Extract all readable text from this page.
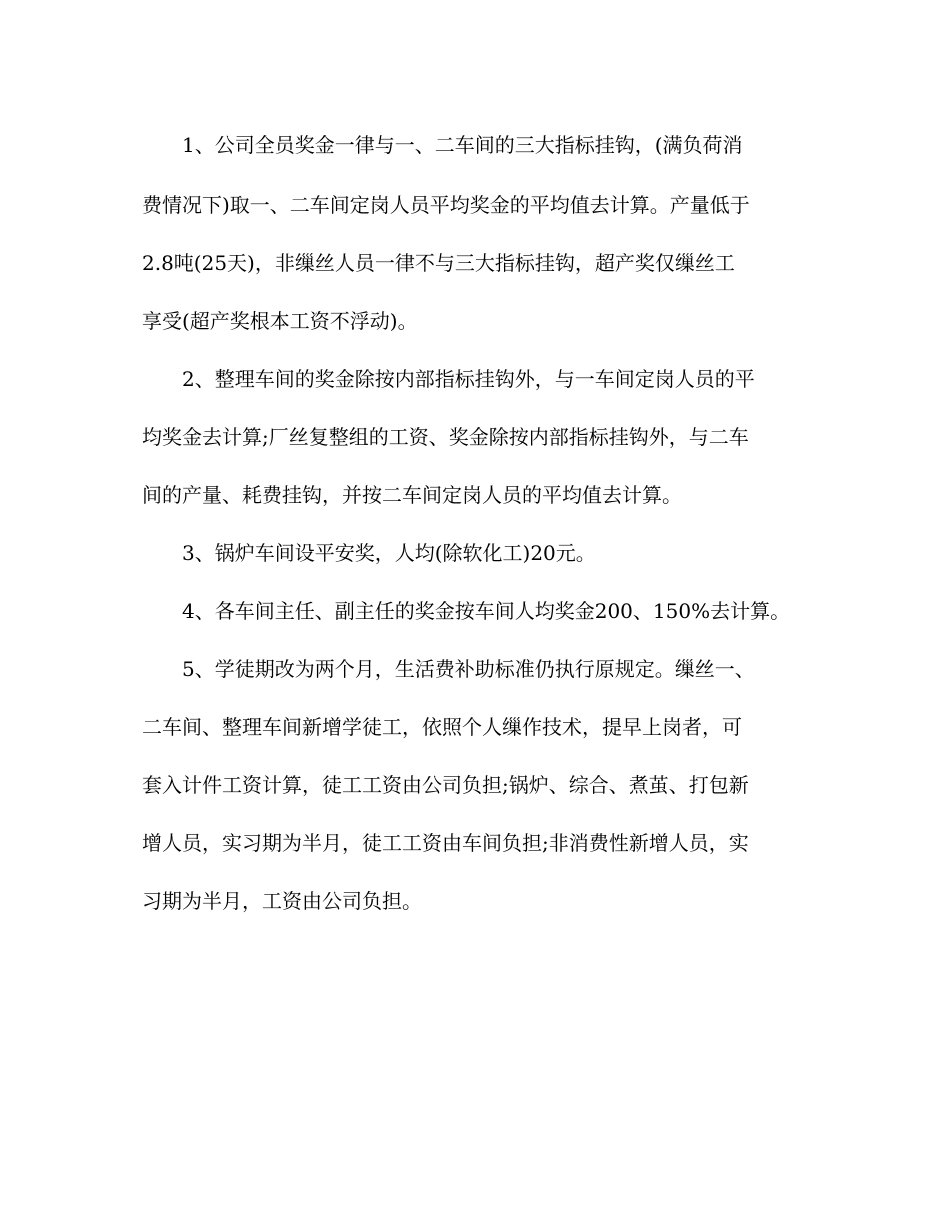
1、公司全员奖金一律与一、二车间的三大指标挂钩，(满负荷消
费情况下)取一、二车间定岗人员平均奖金的平均值去计算。产量低于
2.8吨(25天)，非缫丝人员一律不与三大指标挂钩，超产奖仅缫丝工
享受(超产奖根本工资不浮动)。
2、整理车间的奖金除按内部指标挂钩外，与一车间定岗人员的平
均奖金去计算;厂丝复整组的工资、奖金除按内部指标挂钩外，与二车
间的产量、耗费挂钩，并按二车间定岗人员的平均值去计算。
3、锅炉车间设平安奖，人均(除软化工)20元。
4、各车间主任、副主任的奖金按车间人均奖金200、150%去计算。
5、学徒期改为两个月，生活费补助标准仍执行原规定。缫丝一、
二车间、整理车间新增学徒工，依照个人缫作技术，提早上岗者，可
套入计件工资计算，徒工工资由公司负担;锅炉、综合、煮茧、打包新
增人员，实习期为半月，徒工工资由车间负担;非消费性新增人员，实
习期为半月，工资由公司负担。
